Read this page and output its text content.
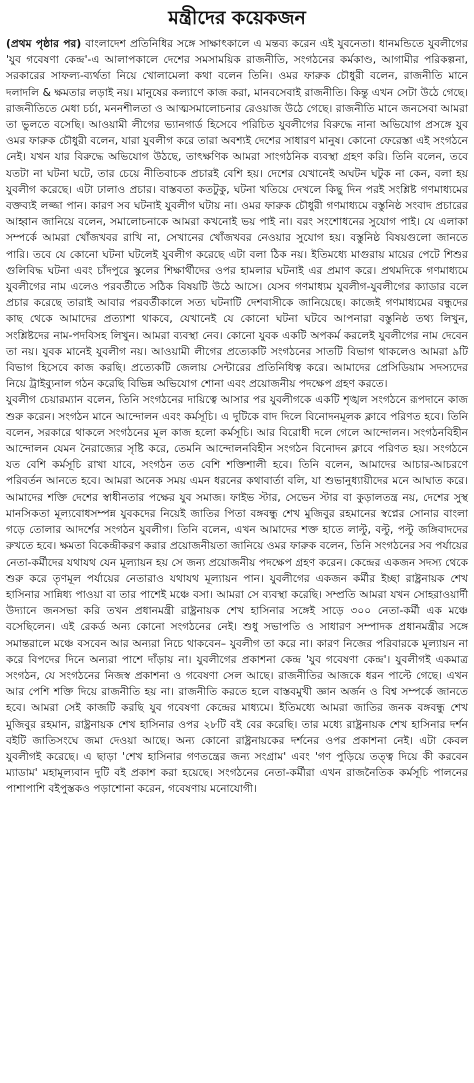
মন্ত্রীদের কয়েকজন

(প্রথম পৃষ্ঠার পর) বাংলাদেশ প্রতিনিধির সঙ্গে সাক্ষাৎকালে এ মন্তব্য করেন এই যুবনেতা। ধানমন্ডিতে যুবলীগের 'যুব গবেষণা কেন্দ্র'-এ আলাপকালে দেশের সমসাময়িক রাজনীতি, সংগঠনের কর্মকাণ্ড, আগামীর পরিকল্পনা, সরকারের সাফল্য-ব্যর্থতা নিয়ে খোলামেলা কথা বলেন তিনি। ওমর ফারুক চৌধুরী বলেন, রাজনীতি মানে দলাদলি & ক্ষমতার লড়াই নয়। মানুষের কল্যাণে কাজ করা, মানবসেবাই রাজনীতি। কিন্তু এখন সেটা উঠে গেছে। রাজনীতিতে মেধা চর্চা, মননশীলতা ও আত্মসমালোচনার রেওয়াজ উঠে গেছে। রাজনীতি মানে জনসেবা আমরা তা ভুলতে বসেছি। আওয়ামী লীগের ভ্যানগার্ড হিসেবে পরিচিত যুবলীগের বিরুদ্ধে নানা অভিযোগ প্রসঙ্গে যুব ওমর ফারুক চৌধুরী বলেন, যারা যুবলীগ করে তারা অবশ্যই দেশের সাধারণ মানুষ। কোনো ফেরেস্তা এই সংগঠনে নেই। যখন যার বিরুদ্ধে অভিযোগ উঠছে, তাৎক্ষণিক আমরা সাংগঠনিক ব্যবস্থা গ্রহণ করি। তিনি বলেন, তবে যতটা না ঘটনা ঘটে, তার চেয়ে নীতিবাচক প্রচারই বেশি হয়। দেশের যেখানেই অঘটন ঘটুক না কেন, বলা হয় যুবলীগ করেছে। এটা ঢালাও প্রচার। বাস্তবতা কতটুকু, ঘটনা খতিয়ে দেখলে কিছু দিন পরই সংশ্লিষ্ট গণমাধ্যমের বক্তব্যই লজ্জা পান। কারণ সব ঘটনাই যুবলীগ ঘটায় না। ওমর ফারুক চৌধুরী গণমাধ্যমে বস্তুনিষ্ঠ সংবাদ প্রচারের আহ্বান জানিয়ে বলেন, সমালোচনাকে আমরা কখনোই ভয় পাই না। বরং সংশোধনের সুযোগ পাই। যে এলাকা সম্পর্কে আমরা খোঁজখবর রাখি না, সেখানের খোঁজখবর নেওয়ার সুযোগ হয়। বস্তুনিষ্ঠ বিষয়গুলো জানতে পারি। তবে যে কোনো ঘটনা ঘটলেই যুবলীগ করেছে এটা বলা ঠিক নয়। ইতিমধ্যে মাগুরায় মায়ের পেটে শিশুর গুলিবিদ্ধ ঘটনা এবং চাঁদপুরে স্কুলের শিক্ষার্থীদের ওপর হামলার ঘটনাই এর প্রমাণ করে। প্রথমদিকে গণমাধ্যমে যুবলীগের নাম এলেও পরবর্তীতে সঠিক বিষয়টি উঠে আসে। যেসব গণমাধ্যম যুবলীগ-যুবলীগের ক্যাডার বলে প্রচার করেছে তারাই আবার পরবর্তীকালে সত্য ঘটনাটি দেশবাসীকে জানিয়েছে। কাজেই গণমাধ্যমের বন্ধুদের কাছ থেকে আমাদের প্রত্যাশা থাকবে, যেখানেই যে কোনো ঘটনা ঘটবে আপনারা বস্তুনিষ্ঠ তথ্য লিখুন, সংশ্লিষ্টদের নাম-পদবিসহ লিখুন। আমরা ব্যবস্থা নেব। কোনো যুবক একটি অপকর্ম করলেই যুবলীগের নাম দেবেন তা নয়। যুবক মানেই যুবলীগ নয়। আওয়ামী লীগের প্রত্যেকটি সংগঠনের সাতটি বিভাগ থাকলেও আমরা ৯টি বিভাগ হিসেবে কাজ করছি। প্রত্যেকটি জেলায় সেন্টারের প্রতিনিধিত্ব করে। আমাদের প্রেসিডিয়াম সদস্যদের নিয়ে ট্রাইব্যুনাল গঠন করেছি বিভিন্ন অভিযোগ শোনা এবং প্রয়োজনীয় পদক্ষেপ গ্রহণ করতে।

যুবলীগ চেয়ারম্যান বলেন, তিনি সংগঠনের দায়িত্বে আসার পর যুবলীগকে একটি শৃঙ্খল সংগঠনে রূপদানে কাজ শুরু করেন। সংগঠন মানে আন্দোলন এবং কর্মসূচি। এ দুটিকে বাদ দিলে বিনোদনমূলক ক্লাবে পরিণত হবে। তিনি বলেন, সরকারে থাকলে সংগঠনের মূল কাজ হলো কর্মসূচি। আর বিরোধী দলে গেলে আন্দোলন। সংগঠনবিহীন আন্দোলন যেমন নৈরাজ্যের সৃষ্টি করে, তেমনি আন্দোলনবিহীন সংগঠন বিনোদন ক্লাবে পরিণত হয়। সংগঠনে যত বেশি কর্মসূচি রাখা যাবে, সংগঠন তত বেশি শক্তিশালী হবে। তিনি বলেন, আমাদের আচার-আচরণে পরিবর্তন আনতে হবে। আমরা অনেক সময় এমন ধরনের কথাবার্তা বলি, যা শুভানুধ্যায়ীদের মনে আঘাত করে। আমাদের শক্তি দেশের স্বাধীনতার পক্ষের যুব সমাজ। ফাইভ স্টার, সেভেন স্টার বা কুড়ালতন্ত্র নয়, দেশের সুস্থ মানসিকতা মূল্যবোধসম্পন্ন যুবকদের নিয়েই জাতির পিতা বঙ্গবন্ধু শেখ মুজিবুর রহমানের স্বপ্নের সোনার বাংলা গড়ে তোলার আদর্শের সংগঠন যুবলীগ। তিনি বলেন, এখন আমাদের শক্ত হাতে লাল্টু, বল্টু, পল্টু জঙ্গিবাদদের রুখতে হবে। ক্ষমতা বিকেন্দ্রীকরণ করার প্রয়োজনীয়তা জানিয়ে ওমর ফারুক বলেন, তিনি সংগঠনের সব পর্যায়ের নেতা-কর্মীদের যথাযথ যেন মূল্যায়ন হয় সে জন্য প্রয়োজনীয় পদক্ষেপ গ্রহণ করেন। কেন্দ্রের একজন সদস্য থেকে শুরু করে তৃণমূল পর্যায়ের নেতারাও যথাযথ মূল্যায়ন পান। যুবলীগের একজন কর্মীর ইচ্ছা রাষ্ট্রনায়ক শেখ হাসিনার সান্নিধ্য পাওয়া বা তার পাশেই মঞ্চে বসা। আমরা সে ব্যবস্থা করেছি। সম্প্রতি আমরা যখন সোহরাওয়ার্দী উদ্যানে জনসভা করি তখন প্রধানমন্ত্রী রাষ্ট্রনায়ক শেখ হাসিনার সঙ্গেই সাড়ে ৩০০ নেতা-কর্মী এক মঞ্চে বসেছিলেন। এই রেকর্ড অন্য কোনো সংগঠনের নেই। শুধু সভাপতি ও সাধারণ সম্পাদক প্রধানমন্ত্রীর সঙ্গে সমান্তরালে মঞ্চে বসবেন আর অন্যরা নিচে থাকবেন– যুবলীগ তা করে না। কারণ নিজের পরিবারকে মূল্যায়ন না করে বিপদের দিনে অন্যরা পাশে দাঁড়ায় না। যুবলীগের প্রকাশনা কেন্দ্র 'যুব গবেষণা কেন্দ্র'। যুবলীগই একমাত্র সংগঠন, যে সংগঠনের নিজস্ব প্রকাশনা ও গবেষণা সেল আছে। রাজনীতির আজকে ধরন পাল্টে গেছে। এখন আর পেশি শক্তি দিয়ে রাজনীতি হয় না। রাজনীতি করতে হলে বাস্তবমুখী জ্ঞান অর্জন ও বিশ্ব সম্পর্কে জানতে হবে। আমরা সেই কাজটি করছি যুব গবেষণা কেন্দ্রের মাধ্যমে। ইতিমধ্যে আমরা জাতির জনক বঙ্গবন্ধু শেখ মুজিবুর রহমান, রাষ্ট্রনায়ক শেখ হাসিনার ওপর ২৮টি বই বের করেছি। তার মধ্যে রাষ্ট্রনায়ক শেখ হাসিনার দর্শন বইটি জাতিসংঘে জমা দেওয়া আছে। অন্য কোনো রাষ্ট্রনায়কের দর্শনের ওপর প্রকাশনা নেই। এটা কেবল যুবলীগই করেছে। এ ছাড়া 'শেখ হাসিনার গণতন্ত্রের জন্য সংগ্রাম' এবং 'গণ পুড়িয়ে তত্ত্ব দিয়ে কী করবেন ম্যাডাম' মহামূল্যবান দুটি বই প্রকাশ করা হয়েছে। সংগঠনের নেতা-কর্মীরা এখন রাজনৈতিক কর্মসূচি পালনের পাশাপাশি বইপুস্তকও পড়াশোনা করেন, গবেষণায় মনোযোগী।
